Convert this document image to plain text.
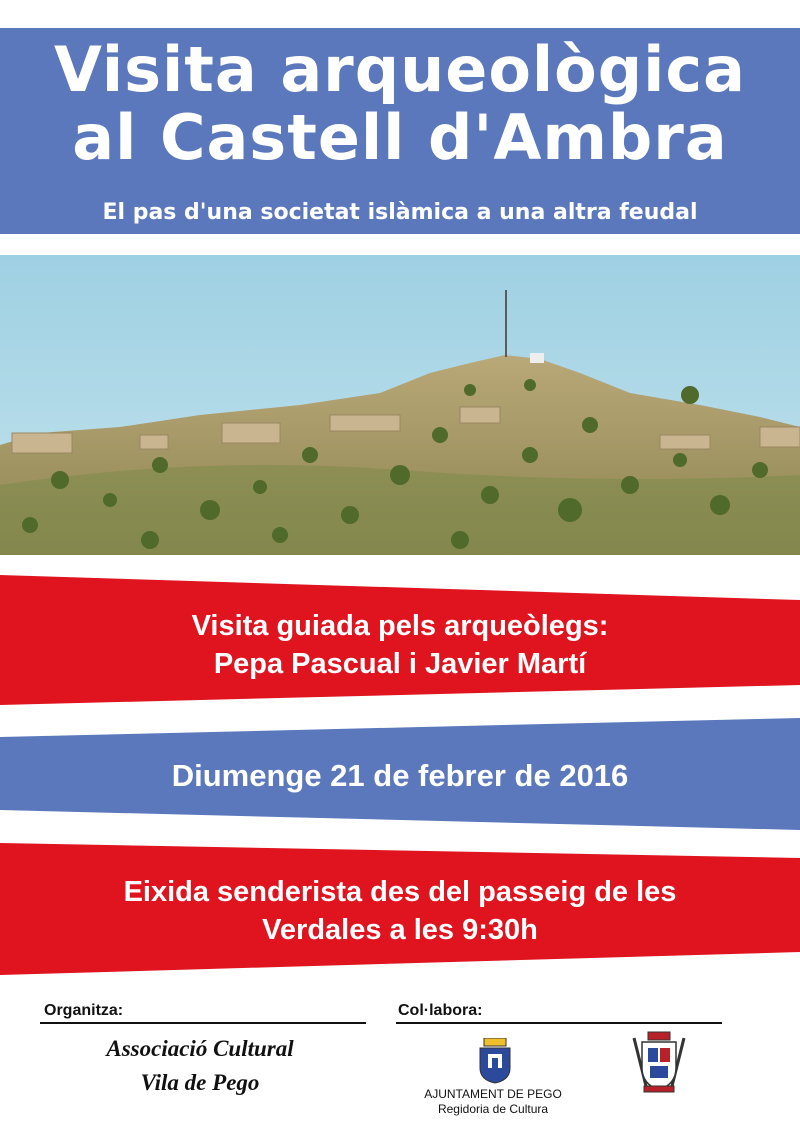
Visita arqueològica
al Castell d'Ambra
El pas d'una societat islàmica a una altra feudal
Visita guiada pels arqueòlegs:
Pepa Pascual i Javier Martí
Diumenge 21 de febrer de 2016
Eixida senderista des del passeig de les
Verdales a les 9:30h
Organitza:
Associació Cultural
Vila de Pego
Col·labora:
AJUNTAMENT DE PEGO
Regidoria de Cultura
